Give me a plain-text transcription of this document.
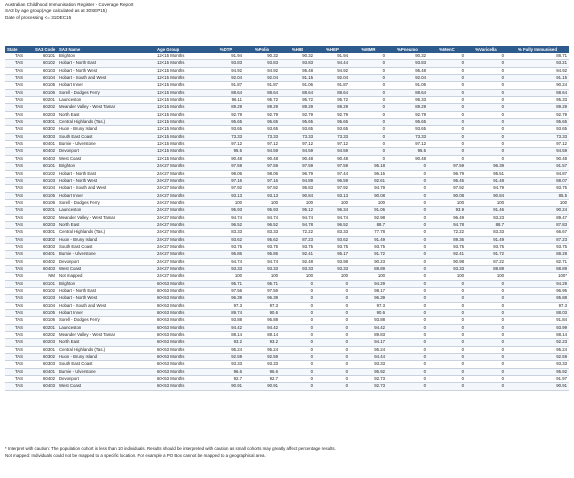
Australian Childhood Immunisation Register - Coverage Report
SA3 by age group(Age calculated as at 30SEP15)
Date of processing <= 31DEC15
State	SA3 Code	SA3 Name	Age Group	%DTP	%Polio	%HIB	%HEP	%MMR	%Pneumo	%MenC	%Varicella	% Fully Immunised
TAS	60101	Brighton	12<15 Months	91.94	90.32	90.32	91.94	0	90.32	0	0	88.71
TAS	60102	Hobart - North East	12<15 Months	93.83	93.83	93.83	94.44	0	93.83	0	0	93.21
TAS	60103	Hobart - North West	12<15 Months	94.92	94.92	95.48	94.92	0	95.48	0	0	94.92
TAS	60104	Hobart - South and West	12<15 Months	92.04	92.04	91.15	92.04	0	92.04	0	0	91.15
TAS	60105	Hobart Inner	12<15 Months	91.87	91.87	91.06	91.87	0	91.06	0	0	90.24
TAS	60106	Sorell - Dodges Ferry	12<15 Months	88.64	88.64	88.64	88.64	0	88.64	0	0	88.64
TAS	60201	Launceston	12<15 Months	96.11	95.72	95.72	95.72	0	95.33	0	0	95.33
TAS	60202	Meander Valley - West Tamar	12<15 Months	89.29	89.29	89.29	89.29	0	89.29	0	0	89.29
TAS	60203	North East	12<15 Months	92.79	92.79	92.79	92.79	0	92.79	0	0	92.79
TAS	60301	Central Highlands (Tas.)	12<15 Months	95.65	95.65	95.65	95.65	0	95.65	0	0	95.65
TAS	60302	Huon - Bruny Island	12<15 Months	93.65	93.65	93.65	93.65	0	93.65	0	0	93.65
TAS	60303	South East Coast	12<15 Months	73.33	73.33	73.33	73.33	0	73.33	0	0	73.33
TAS	60401	Burnie - Ulverstone	12<15 Months	97.12	97.12	97.12	97.12	0	97.12	0	0	97.12
TAS	60402	Devonport	12<15 Months	95.5	94.59	94.59	94.59	0	95.5	0	0	94.59
TAS	60403	West Coast	12<15 Months	90.48	90.48	90.48	90.48	0	90.48	0	0	90.48
TAS	60101	Brighton	24<27 Months	97.59	97.59	97.59	97.59	95.18	0	97.59	96.39	91.57
TAS	60102	Hobart - North East	24<27 Months	98.06	98.06	96.79	97.44	96.15	0	96.79	95.51	94.87
TAS	60103	Hobart - North West	24<27 Months	97.16	97.16	94.89	96.59	92.61	0	95.45	91.48	88.07
TAS	60104	Hobart - South and West	24<27 Months	97.92	97.92	95.83	97.92	94.79	0	97.92	94.79	93.75
TAS	60105	Hobart Inner	24<27 Months	93.13	93.13	90.84	93.13	90.08	0	90.08	90.84	85.5
TAS	60106	Sorell - Dodges Ferry	24<27 Months	100	100	100	100	100	0	100	100	100
TAS	60201	Launceston	24<27 Months	95.93	95.93	95.12	96.34	91.06	0	93.9	91.46	90.24
TAS	60202	Meander Valley - West Tamar	24<27 Months	94.74	94.74	94.74	94.74	92.98	0	96.49	93.23	89.47
TAS	60203	North East	24<27 Months	96.52	96.52	94.78	96.52	88.7	0	94.78	88.7	87.83
TAS	60301	Central Highlands (Tas.)	24<27 Months	83.33	83.33	72.22	83.33	77.78	0	72.22	83.33	66.67
TAS	60302	Huon - Bruny Island	24<27 Months	93.62	95.62	87.23	93.62	91.49	0	89.36	91.49	87.23
TAS	60303	South East Coast	24<27 Months	93.75	93.75	93.75	93.75	93.75	0	93.75	93.75	93.75
TAS	60401	Burnie - Ulverstone	24<27 Months	95.86	95.86	92.41	95.17	91.72	0	92.41	91.72	88.28
TAS	60402	Devonport	24<27 Months	94.74	94.74	92.48	93.98	90.23	0	90.98	87.22	82.71
TAS	60403	West Coast	24<27 Months	93.33	93.33	93.33	93.33	88.89	0	93.33	88.89	88.89
TAS	NM	Not mapped	24<27 Months	100	100	100	100	100	0	100	100	100*
TAS	60101	Brighton	60<63 Months	95.71	95.71	0	0	94.29	0	0	0	94.29
TAS	60102	Hobart - North East	60<63 Months	97.56	97.56	0	0	98.17	0	0	0	96.95
TAS	60103	Hobart - North West	60<63 Months	96.39	96.39	0	0	96.39	0	0	0	95.88
TAS	60104	Hobart - South and West	60<63 Months	97.3	97.3	0	0	97.3	0	0	0	97.3
TAS	60105	Hobart Inner	60<63 Months	89.74	90.6	0	0	90.6	0	0	0	88.03
TAS	60106	Sorell - Dodges Ferry	60<63 Months	93.88	95.88	0	0	93.88	0	0	0	91.84
TAS	60201	Launceston	60<63 Months	94.42	94.42	0	0	94.42	0	0	0	93.99
TAS	60202	Meander Valley - West Tamar	60<63 Months	88.14	88.14	0	0	89.83	0	0	0	88.14
TAS	60203	North East	60<63 Months	93.2	93.2	0	0	94.17	0	0	0	92.23
TAS	60301	Central Highlands (Tas.)	60<63 Months	95.24	95.24	0	0	95.24	0	0	0	95.24
TAS	60302	Huon - Bruny Island	60<63 Months	92.59	92.59	0	0	94.44	0	0	0	92.59
TAS	60303	South East Coast	60<63 Months	93.33	93.33	0	0	93.33	0	0	0	93.33
TAS	60401	Burnie - Ulverstone	60<63 Months	96.6	96.6	0	0	95.92	0	0	0	95.92
TAS	60402	Devonport	60<63 Months	92.7	92.7	0	0	92.73	0	0	0	91.97
TAS	60403	West Coast	60<63 Months	90.91	90.91	0	0	92.73	0	0	0	90.91
* Interpret with caution: The population cohort is less than 10 individuals. Results should be interpreted with caution as small cohorts may greatly affect percentage results.
Not mapped: Individuals could not be mapped to a specific location. For example a PO Box cannot be mapped to a geographical area.
